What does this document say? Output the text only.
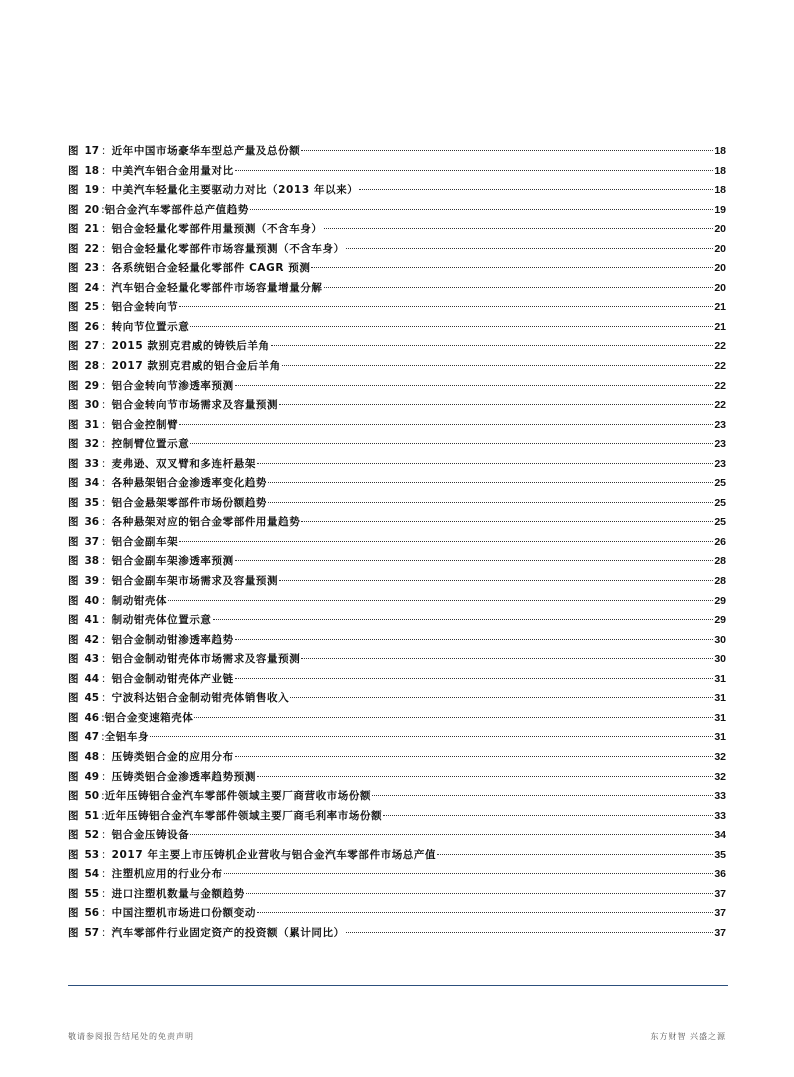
图 17 ： 近年中国市场豪华车型总产量及总份额	18
图 18 ： 中美汽车铝合金用量对比	18
图 19 ： 中美汽车轻量化主要驱动力对比（2013 年以来）	18
图 20 : 铝合金汽车零部件总产值趋势	19
图 21 ： 铝合金轻量化零部件用量预测（不含车身）	20
图 22 ： 铝合金轻量化零部件市场容量预测（不含车身）	20
图 23 ： 各系统铝合金轻量化零部件 CAGR 预测	20
图 24 ： 汽车铝合金轻量化零部件市场容量增量分解	20
图 25 ： 铝合金转向节	21
图 26 ： 转向节位置示意	21
图 27 ： 2015 款别克君威的铸铁后羊角	22
图 28 ： 2017 款别克君威的铝合金后羊角	22
图 29 ： 铝合金转向节渗透率预测	22
图 30 ： 铝合金转向节市场需求及容量预测	22
图 31 ： 铝合金控制臂	23
图 32 ： 控制臂位置示意	23
图 33 ： 麦弗逊、双叉臂和多连杆悬架	23
图 34 ： 各种悬架铝合金渗透率变化趋势	25
图 35 ： 铝合金悬架零部件市场份额趋势	25
图 36 ： 各种悬架对应的铝合金零部件用量趋势	25
图 37 ： 铝合金副车架	26
图 38 ： 铝合金副车架渗透率预测	28
图 39 ： 铝合金副车架市场需求及容量预测	28
图 40 ： 制动钳壳体	29
图 41 ： 制动钳壳体位置示意	29
图 42 ： 铝合金制动钳渗透率趋势	30
图 43 ： 铝合金制动钳壳体市场需求及容量预测	30
图 44 ： 铝合金制动钳壳体产业链	31
图 45 ： 宁波科达铝合金制动钳壳体销售收入	31
图 46 : 铝合金变速箱壳体	31
图 47 : 全铝车身	31
图 48 ： 压铸类铝合金的应用分布	32
图 49 ： 压铸类铝合金渗透率趋势预测	32
图 50 : 近年压铸铝合金汽车零部件领域主要厂商营收市场份额	33
图 51 : 近年压铸铝合金汽车零部件领域主要厂商毛利率市场份额	33
图 52 ： 铝合金压铸设备	34
图 53 ： 2017 年主要上市压铸机企业营收与铝合金汽车零部件市场总产值	35
图 54 ： 注塑机应用的行业分布	36
图 55 ： 进口注塑机数量与金额趋势	37
图 56 ： 中国注塑机市场进口份额变动	37
图 57 ： 汽车零部件行业固定资产的投资额（累计同比）	37
敬请参阅报告结尾处的免责声明	东方财智 兴盛之源
